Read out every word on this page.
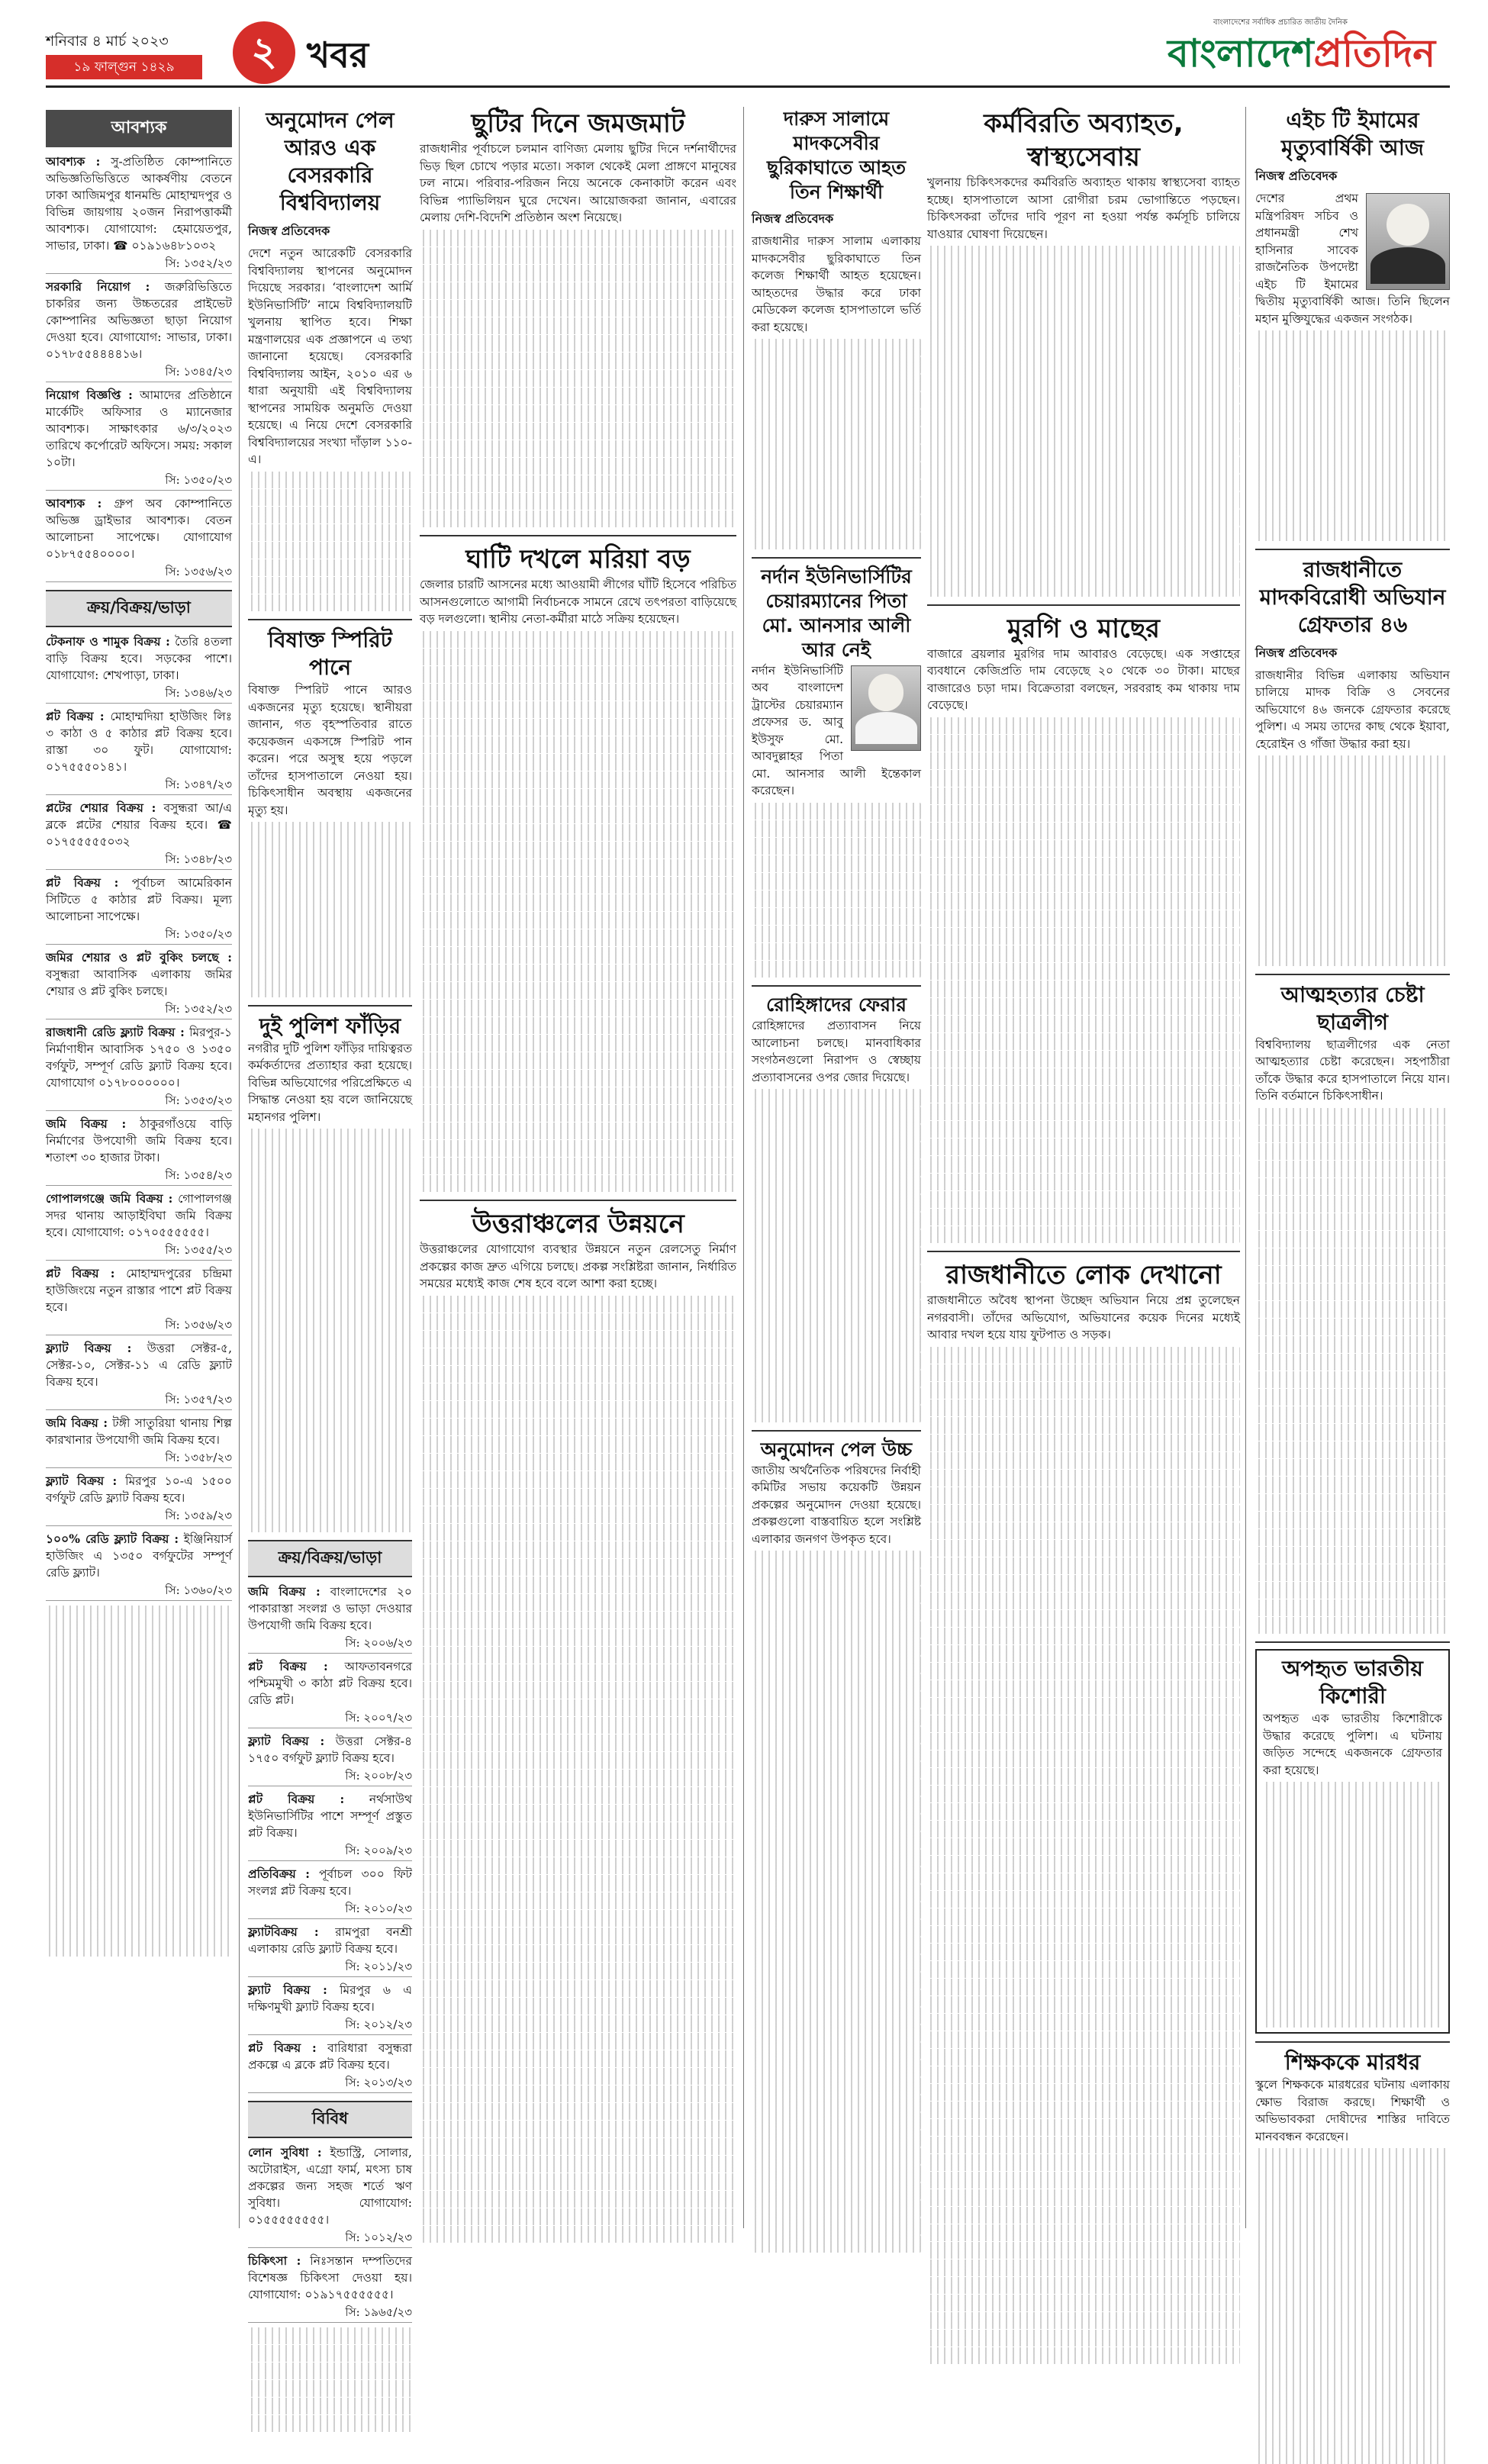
শনিবার ৪ মার্চ ২০২৩
১৯ ফাল্গুন ১৪২৯	২ খবর
বাংলাদেশের সর্বাধিক প্রচারিত জাতীয় দৈনিক
বাংলাদেশপ্রতিদিন
আবশ্যক
আবশ্যক : সু-প্রতিষ্ঠিত কোম্পানিতে অভিজ্ঞতিভিত্তিতে আকর্ষণীয় বেতনে ঢাকা আজিমপুর ধানমন্ডি মোহাম্মদপুর ও বিভিন্ন জায়গায় ২০জন নিরাপত্তাকর্মী আবশ্যক। যোগাযোগ: হেমায়েতপুর, সাভার, ঢাকা। ☎ ০১৯১৬৪৮১০৩২
সি: ১৩৫২/২৩
সরকারি নিয়োগ : জরুরিভিত্তিতে চাকরির জন্য উচ্চতরের প্রাইভেট কোম্পানির অভিজ্ঞতা ছাড়া নিয়োগ দেওয়া হবে। যোগাযোগ: সাভার, ঢাকা। ০১৭৮৫৫৪৪৪৪১৬।
সি: ১৩৪৫/২৩
নিয়োগ বিজ্ঞপ্তি : আমাদের প্রতিষ্ঠানে মার্কেটিং অফিসার ও ম্যানেজার আবশ্যক। সাক্ষাৎকার ৬/৩/২০২৩ তারিখে কর্পোরেট অফিসে। সময়: সকাল ১০টা।
সি: ১৩৫০/২৩
আবশ্যক : গ্রুপ অব কোম্পানিতে অভিজ্ঞ ড্রাইভার আবশ্যক। বেতন আলোচনা সাপেক্ষে। যোগাযোগ ০১৮৭৫৫৪০০০০।
সি: ১৩৫৬/২৩
ক্রয়/বিক্রয়/ভাড়া
টেকনাফ ও শামুক বিক্রয় : তৈরি ৪তলা বাড়ি বিক্রয় হবে। সড়কের পাশে। যোগাযোগ: শেখপাড়া, ঢাকা।
সি: ১৩৪৬/২৩
প্লট বিক্রয় : মোহাম্মদিয়া হাউজিং লিঃ ৩ কাঠা ও ৫ কাঠার প্লট বিক্রয় হবে। রাস্তা ৩০ ফুট। যোগাযোগ: ০১৭৫৫৫০১৪১।
সি: ১৩৪৭/২৩
প্লটের শেয়ার বিক্রয় : বসুন্ধরা আ/এ ব্লকে প্লটের শেয়ার বিক্রয় হবে। ☎ ০১৭৫৫৫৫৫০৩২
সি: ১৩৪৮/২৩
প্লট বিক্রয় : পূর্বাচল আমেরিকান সিটিতে ৫ কাঠার প্লট বিক্রয়। মূল্য আলোচনা সাপেক্ষে।
সি: ১৩৫০/২৩
জমির শেয়ার ও প্লট বুকিং চলছে : বসুন্ধরা আবাসিক এলাকায় জমির শেয়ার ও প্লট বুকিং চলছে।
সি: ১৩৫২/২৩
রাজধানী রেডি ফ্ল্যাট বিক্রয় : মিরপুর-১ নির্মাণাধীন আবাসিক ১৭৫০ ও ১৩৫০ বর্গফুট, সম্পূর্ণ রেডি ফ্ল্যাট বিক্রয় হবে। যোগাযোগ ০১৭৮০০০০০০।
সি: ১৩৫৩/২৩
জমি বিক্রয় : ঠাকুরগাঁওয়ে বাড়ি নির্মাণের উপযোগী জমি বিক্রয় হবে। শতাংশ ৩০ হাজার টাকা।
সি: ১৩৫৪/২৩
গোপালগঞ্জে জমি বিক্রয় : গোপালগঞ্জ সদর থানায় আড়াইবিঘা জমি বিক্রয় হবে। যোগাযোগ: ০১৭০৫৫৫৫৫৫।
সি: ১৩৫৫/২৩
প্লট বিক্রয় : মোহাম্মদপুরের চন্দ্রিমা হাউজিংয়ে নতুন রাস্তার পাশে প্লট বিক্রয় হবে।
সি: ১৩৫৬/২৩
ফ্ল্যাট বিক্রয় : উত্তরা সেক্টর-৫, সেক্টর-১০, সেক্টর-১১ এ রেডি ফ্ল্যাট বিক্রয় হবে।
সি: ১৩৫৭/২৩
জমি বিক্রয় : টঙ্গী সাতুরিয়া থানায় শিল্প কারখানার উপযোগী জমি বিক্রয় হবে।
সি: ১৩৫৮/২৩
ফ্ল্যাট বিক্রয় : মিরপুর ১০-এ ১৫০০ বর্গফুট রেডি ফ্ল্যাট বিক্রয় হবে।
সি: ১৩৫৯/২৩
১০০% রেডি ফ্ল্যাট বিক্রয় : ইঞ্জিনিয়ার্স হাউজিং এ ১৩৫০ বর্গফুটের সম্পূর্ণ রেডি ফ্ল্যাট।
সি: ১৩৬০/২৩
অনুমোদন পেল আরও এক বেসরকারি বিশ্ববিদ্যালয়
নিজস্ব প্রতিবেদক
দেশে নতুন আরেকটি বেসরকারি বিশ্ববিদ্যালয় স্থাপনের অনুমোদন দিয়েছে সরকার। ‘বাংলাদেশ আর্মি ইউনিভার্সিটি’ নামে বিশ্ববিদ্যালয়টি খুলনায় স্থাপিত হবে। শিক্ষা মন্ত্রণালয়ের এক প্রজ্ঞাপনে এ তথ্য জানানো হয়েছে। বেসরকারি বিশ্ববিদ্যালয় আইন, ২০১০ এর ৬ ধারা অনুযায়ী এই বিশ্ববিদ্যালয় স্থাপনের সাময়িক অনুমতি দেওয়া হয়েছে। এ নিয়ে দেশে বেসরকারি বিশ্ববিদ্যালয়ের সংখ্যা দাঁড়াল ১১০-এ।
বিষাক্ত স্পিরিট পানে
বিষাক্ত স্পিরিট পানে আরও একজনের মৃত্যু হয়েছে। স্থানীয়রা জানান, গত বৃহস্পতিবার রাতে কয়েকজন একসঙ্গে স্পিরিট পান করেন। পরে অসুস্থ হয়ে পড়লে তাঁদের হাসপাতালে নেওয়া হয়। চিকিৎসাধীন অবস্থায় একজনের মৃত্যু হয়।
দুই পুলিশ ফাঁড়ির
নগরীর দুটি পুলিশ ফাঁড়ির দায়িত্বরত কর্মকর্তাদের প্রত্যাহার করা হয়েছে। বিভিন্ন অভিযোগের পরিপ্রেক্ষিতে এ সিদ্ধান্ত নেওয়া হয় বলে জানিয়েছে মহানগর পুলিশ।
ক্রয়/বিক্রয়/ভাড়া
জমি বিক্রয় : বাংলাদেশের ২০ পাকারাস্তা সংলগ্ন ও ভাড়া দেওয়ার উপযোগী জমি বিক্রয় হবে।
সি: ২০০৬/২৩
প্লট বিক্রয় : আফতাবনগরে পশ্চিমমুখী ৩ কাঠা প্লট বিক্রয় হবে। রেডি প্লট।
সি: ২০০৭/২৩
ফ্ল্যাট বিক্রয় : উত্তরা সেক্টর-৪ ১৭৫০ বর্গফুট ফ্ল্যাট বিক্রয় হবে।
সি: ২০০৮/২৩
প্লট বিক্রয় : নর্থসাউথ ইউনিভার্সিটির পাশে সম্পূর্ণ প্রস্তুত প্লট বিক্রয়।
সি: ২০০৯/২৩
প্রতিবিক্রয় : পূর্বাচল ৩০০ ফিট সংলগ্ন প্লট বিক্রয় হবে।
সি: ২০১০/২৩
ফ্ল্যাটবিক্রয় : রামপুরা বনশ্রী এলাকায় রেডি ফ্ল্যাট বিক্রয় হবে।
সি: ২০১১/২৩
ফ্ল্যাট বিক্রয় : মিরপুর ৬ এ দক্ষিণমুখী ফ্ল্যাট বিক্রয় হবে।
সি: ২০১২/২৩
প্লট বিক্রয় : বারিধারা বসুন্ধরা প্রকল্পে এ ব্লকে প্লট বিক্রয় হবে।
সি: ২০১৩/২৩
বিবিধ
লোন সুবিধা : ইন্ডাস্ট্রি, সোলার, অটোরাইস, এগ্রো ফার্ম, মৎস্য চাষ প্রকল্পের জন্য সহজ শর্তে ঋণ সুবিধা। যোগাযোগ: ০১৫৫৫৫৫৫৫৫।
সি: ১০১২/২৩
চিকিৎসা : নিঃসন্তান দম্পতিদের বিশেষজ্ঞ চিকিৎসা দেওয়া হয়। যোগাযোগ: ০১৯১৭৫৫৫৫৫৫।
সি: ১৯৬৫/২৩
ছুটির দিনে জমজমাট
রাজধানীর পূর্বাচলে চলমান বাণিজ্য মেলায় ছুটির দিনে দর্শনার্থীদের ভিড় ছিল চোখে পড়ার মতো। সকাল থেকেই মেলা প্রাঙ্গণে মানুষের ঢল নামে। পরিবার-পরিজন নিয়ে অনেকে কেনাকাটা করেন এবং বিভিন্ন প্যাভিলিয়ন ঘুরে দেখেন। আয়োজকরা জানান, এবারের মেলায় দেশি-বিদেশি প্রতিষ্ঠান অংশ নিয়েছে।
ঘাটি দখলে মরিয়া বড়
জেলার চারটি আসনের মধ্যে আওয়ামী লীগের ঘাঁটি হিসেবে পরিচিত আসনগুলোতে আগামী নির্বাচনকে সামনে রেখে তৎপরতা বাড়িয়েছে বড় দলগুলো। স্থানীয় নেতা-কর্মীরা মাঠে সক্রিয় হয়েছেন।
উত্তরাঞ্চলের উন্নয়নে
উত্তরাঞ্চলের যোগাযোগ ব্যবস্থার উন্নয়নে নতুন রেলসেতু নির্মাণ প্রকল্পের কাজ দ্রুত এগিয়ে চলছে। প্রকল্প সংশ্লিষ্টরা জানান, নির্ধারিত সময়ের মধ্যেই কাজ শেষ হবে বলে আশা করা হচ্ছে।
দারুস সালামে মাদকসেবীর ছুরিকাঘাতে আহত তিন শিক্ষার্থী
নিজস্ব প্রতিবেদক
রাজধানীর দারুস সালাম এলাকায় মাদকসেবীর ছুরিকাঘাতে তিন কলেজ শিক্ষার্থী আহত হয়েছেন। আহতদের উদ্ধার করে ঢাকা মেডিকেল কলেজ হাসপাতালে ভর্তি করা হয়েছে।
নর্দান ইউনিভার্সিটির চেয়ারম্যানের পিতা মো. আনসার আলী আর নেই
নর্দান ইউনিভার্সিটি অব বাংলাদেশ ট্রাস্টের চেয়ারম্যান প্রফেসর ড. আবু ইউসুফ মো. আবদুল্লাহর পিতা মো. আনসার আলী ইন্তেকাল করেছেন।
রোহিঙ্গাদের ফেরার
রোহিঙ্গাদের প্রত্যাবাসন নিয়ে আলোচনা চলছে। মানবাধিকার সংগঠনগুলো নিরাপদ ও স্বেচ্ছায় প্রত্যাবাসনের ওপর জোর দিয়েছে।
অনুমোদন পেল উচ্চ
জাতীয় অর্থনৈতিক পরিষদের নির্বাহী কমিটির সভায় কয়েকটি উন্নয়ন প্রকল্পের অনুমোদন দেওয়া হয়েছে। প্রকল্পগুলো বাস্তবায়িত হলে সংশ্লিষ্ট এলাকার জনগণ উপকৃত হবে।
কর্মবিরতি অব্যাহত, স্বাস্থ্যসেবায়
খুলনায় চিকিৎসকদের কর্মবিরতি অব্যাহত থাকায় স্বাস্থ্যসেবা ব্যাহত হচ্ছে। হাসপাতালে আসা রোগীরা চরম ভোগান্তিতে পড়ছেন। চিকিৎসকরা তাঁদের দাবি পূরণ না হওয়া পর্যন্ত কর্মসূচি চালিয়ে যাওয়ার ঘোষণা দিয়েছেন।
মুরগি ও মাছের
বাজারে ব্রয়লার মুরগির দাম আবারও বেড়েছে। এক সপ্তাহের ব্যবধানে কেজিপ্রতি দাম বেড়েছে ২০ থেকে ৩০ টাকা। মাছের বাজারেও চড়া দাম। বিক্রেতারা বলছেন, সরবরাহ কম থাকায় দাম বেড়েছে।
রাজধানীতে লোক দেখানো
রাজধানীতে অবৈধ স্থাপনা উচ্ছেদ অভিযান নিয়ে প্রশ্ন তুলেছেন নগরবাসী। তাঁদের অভিযোগ, অভিযানের কয়েক দিনের মধ্যেই আবার দখল হয়ে যায় ফুটপাত ও সড়ক।
এইচ টি ইমামের মৃত্যুবার্ষিকী আজ
নিজস্ব প্রতিবেদক
দেশের প্রথম মন্ত্রিপরিষদ সচিব ও প্রধানমন্ত্রী শেখ হাসিনার সাবেক রাজনৈতিক উপদেষ্টা এইচ টি ইমামের দ্বিতীয় মৃত্যুবার্ষিকী আজ। তিনি ছিলেন মহান মুক্তিযুদ্ধের একজন সংগঠক।
রাজধানীতে মাদকবিরোধী অভিযান গ্রেফতার ৪৬
নিজস্ব প্রতিবেদক
রাজধানীর বিভিন্ন এলাকায় অভিযান চালিয়ে মাদক বিক্রি ও সেবনের অভিযোগে ৪৬ জনকে গ্রেফতার করেছে পুলিশ। এ সময় তাদের কাছ থেকে ইয়াবা, হেরোইন ও গাঁজা উদ্ধার করা হয়।
আত্মহত্যার চেষ্টা ছাত্রলীগ
বিশ্ববিদ্যালয় ছাত্রলীগের এক নেতা আত্মহত্যার চেষ্টা করেছেন। সহপাঠীরা তাঁকে উদ্ধার করে হাসপাতালে নিয়ে যান। তিনি বর্তমানে চিকিৎসাধীন।
অপহৃত ভারতীয় কিশোরী
অপহৃত এক ভারতীয় কিশোরীকে উদ্ধার করেছে পুলিশ। এ ঘটনায় জড়িত সন্দেহে একজনকে গ্রেফতার করা হয়েছে।
শিক্ষককে মারধর
স্কুলে শিক্ষককে মারধরের ঘটনায় এলাকায় ক্ষোভ বিরাজ করছে। শিক্ষার্থী ও অভিভাবকরা দোষীদের শাস্তির দাবিতে মানববন্ধন করেছেন।
